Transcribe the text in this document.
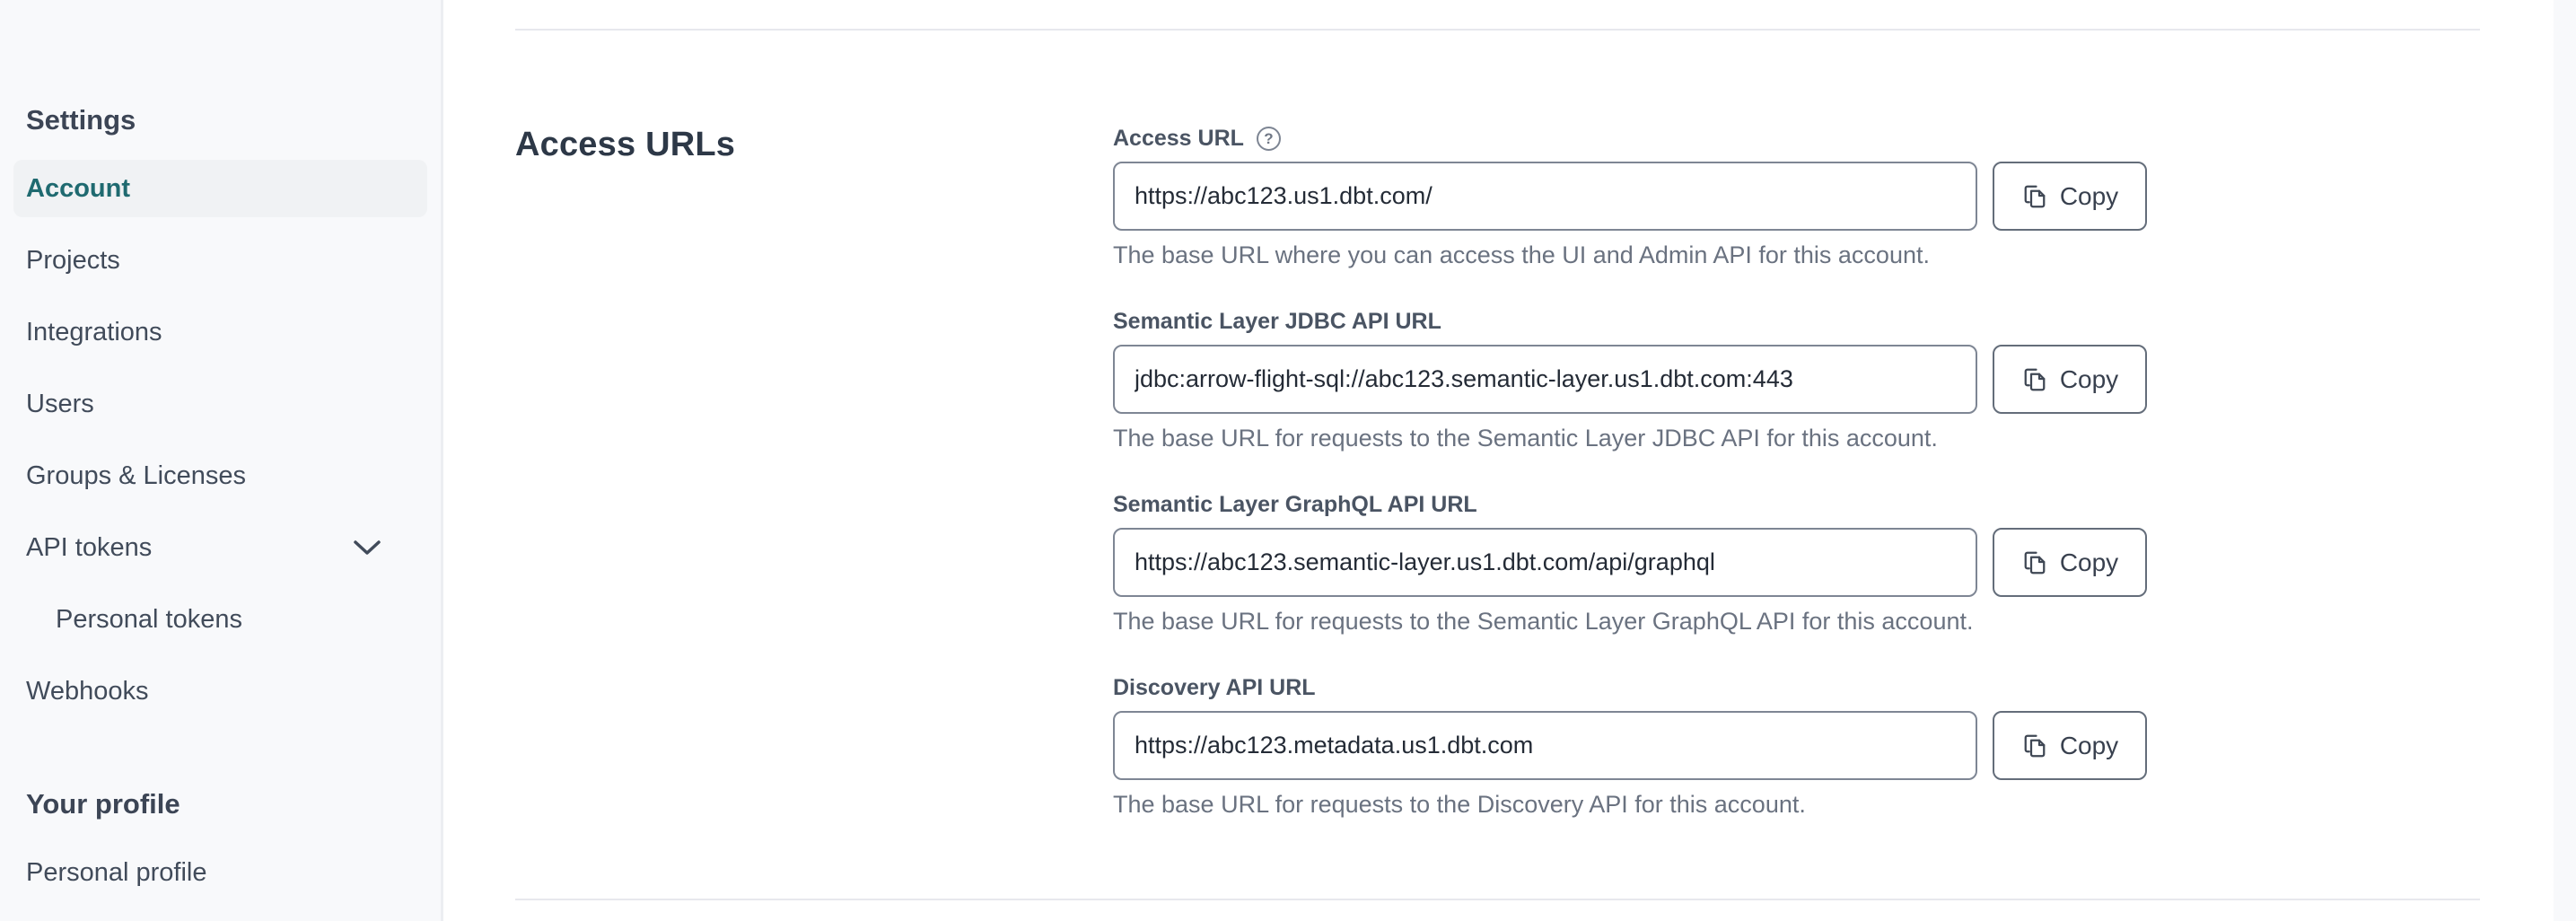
Settings
Account
Projects
Integrations
Users
Groups & Licenses
API tokens
Personal tokens
Webhooks
Your profile
Personal profile
Access URLs	Access URL	?
https://abc123.us1.dbt.com/
Copy
The base URL where you can access the UI and Admin API for this account.
Semantic Layer JDBC API URL
jdbc:arrow-flight-sql://abc123.semantic-layer.us1.dbt.com:443
Copy
The base URL for requests to the Semantic Layer JDBC API for this account.
Semantic Layer GraphQL API URL
https://abc123.semantic-layer.us1.dbt.com/api/graphql
Copy
The base URL for requests to the Semantic Layer GraphQL API for this account.
Discovery API URL
https://abc123.metadata.us1.dbt.com
Copy
The base URL for requests to the Discovery API for this account.
